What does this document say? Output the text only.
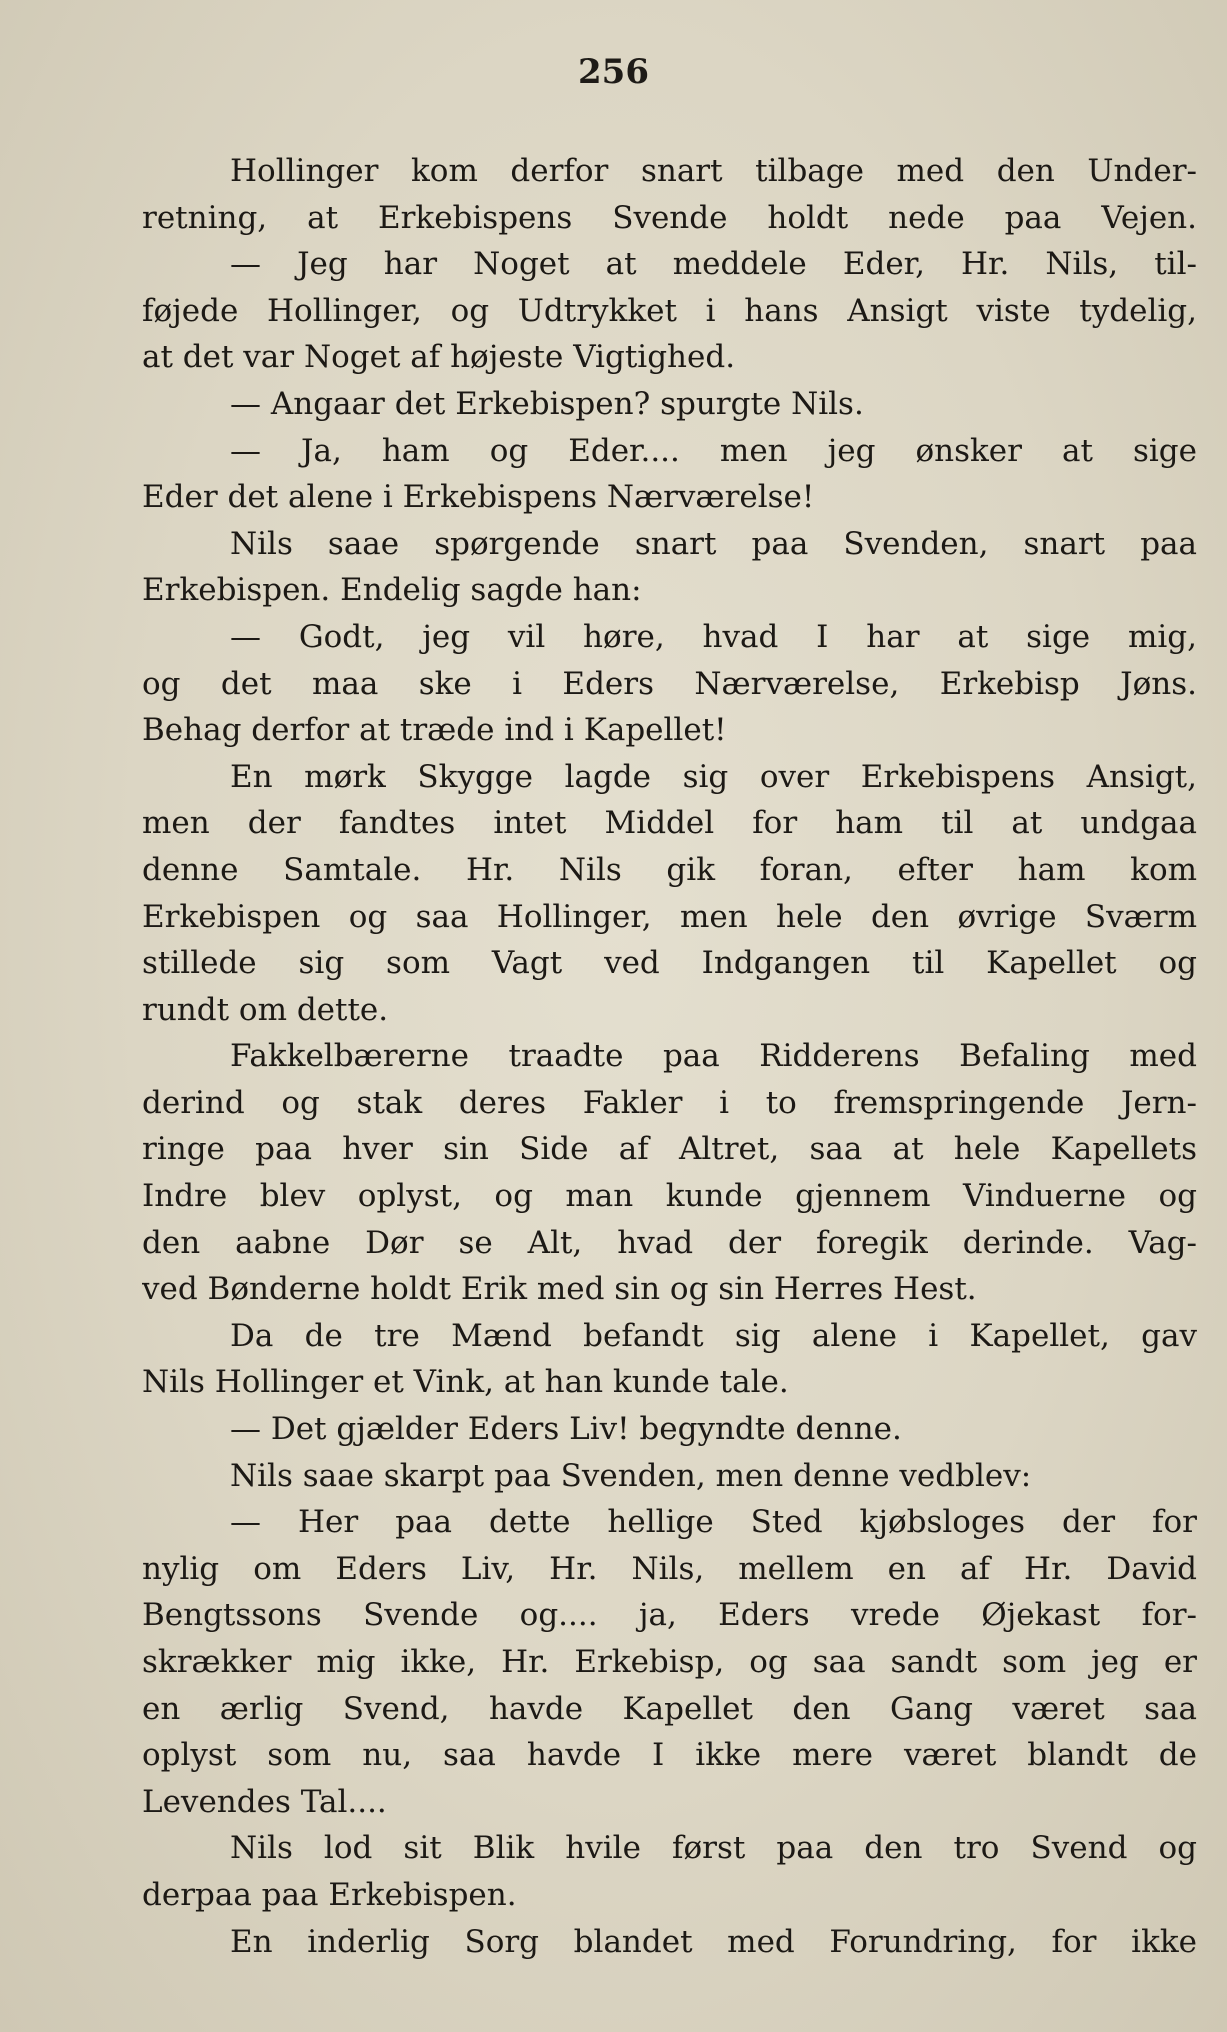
256
Hollinger kom derfor snart tilbage med den Under-
retning, at Erkebispens Svende holdt nede paa Vejen.
— Jeg har Noget at meddele Eder, Hr. Nils, til-
føjede Hollinger, og Udtrykket i hans Ansigt viste tydelig,
at det var Noget af højeste Vigtighed.
— Angaar det Erkebispen? spurgte Nils.
— Ja, ham og Eder.... men jeg ønsker at sige
Eder det alene i Erkebispens Nærværelse!
Nils saae spørgende snart paa Svenden, snart paa
Erkebispen. Endelig sagde han:
— Godt, jeg vil høre, hvad I har at sige mig,
og det maa ske i Eders Nærværelse, Erkebisp Jøns.
Behag derfor at træde ind i Kapellet!
En mørk Skygge lagde sig over Erkebispens Ansigt,
men der fandtes intet Middel for ham til at undgaa
denne Samtale. Hr. Nils gik foran, efter ham kom
Erkebispen og saa Hollinger, men hele den øvrige Sværm
stillede sig som Vagt ved Indgangen til Kapellet og
rundt om dette.
Fakkelbærerne traadte paa Ridderens Befaling med
derind og stak deres Fakler i to fremspringende Jern-
ringe paa hver sin Side af Altret, saa at hele Kapellets
Indre blev oplyst, og man kunde gjennem Vinduerne og
den aabne Dør se Alt, hvad der foregik derinde. Vag-
ved Bønderne holdt Erik med sin og sin Herres Hest.
Da de tre Mænd befandt sig alene i Kapellet, gav
Nils Hollinger et Vink, at han kunde tale.
— Det gjælder Eders Liv! begyndte denne.
Nils saae skarpt paa Svenden, men denne vedblev:
— Her paa dette hellige Sted kjøbsloges der for
nylig om Eders Liv, Hr. Nils, mellem en af Hr. David
Bengtssons Svende og.... ja, Eders vrede Øjekast for-
skrækker mig ikke, Hr. Erkebisp, og saa sandt som jeg er
en ærlig Svend, havde Kapellet den Gang været saa
oplyst som nu, saa havde I ikke mere været blandt de
Levendes Tal....
Nils lod sit Blik hvile først paa den tro Svend og
derpaa paa Erkebispen.
En inderlig Sorg blandet med Forundring, for ikke
